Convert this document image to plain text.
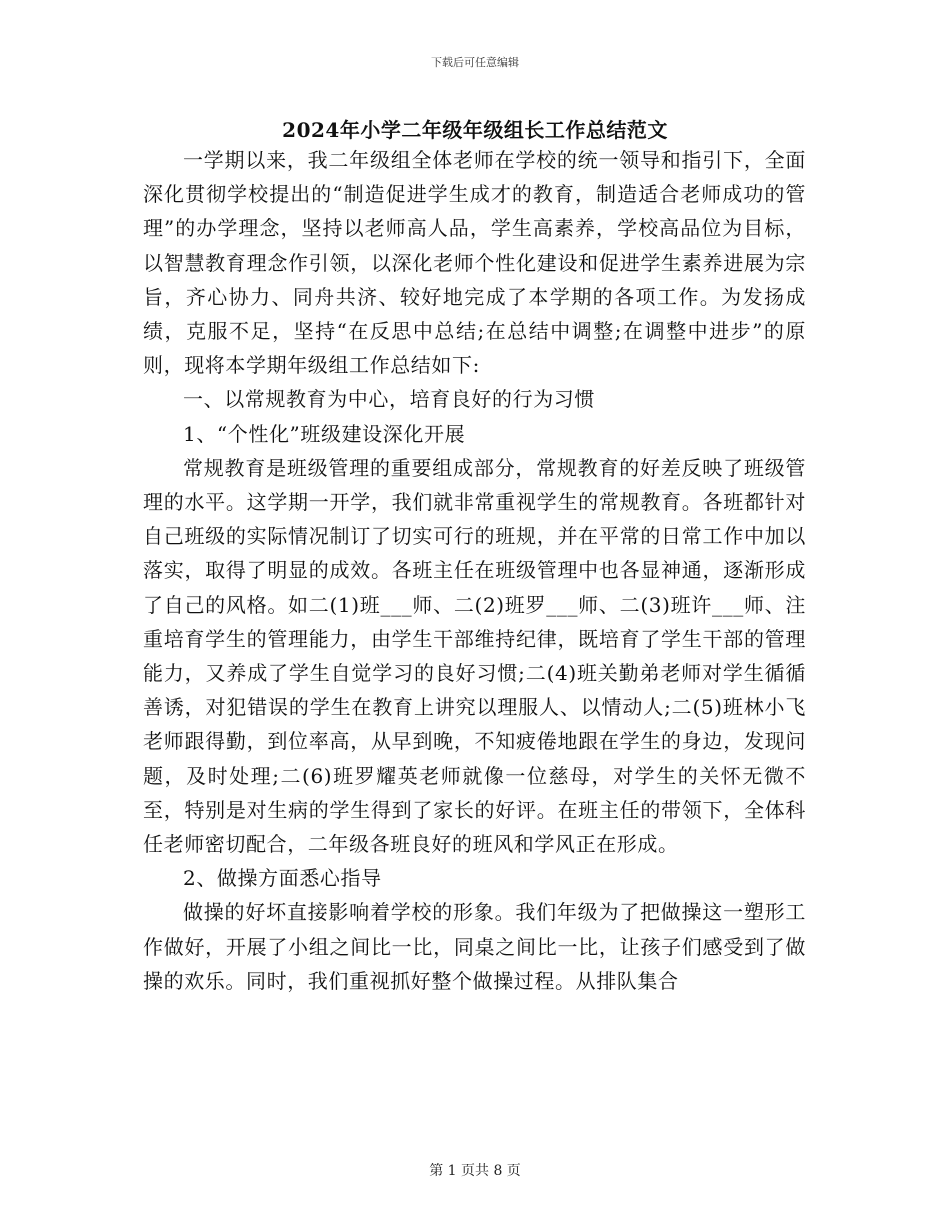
下载后可任意编辑
2024年小学二年级年级组长工作总结范文

一学期以来，我二年级组全体老师在学校的统一领导和指引下，全面深化贯彻学校提出的“制造促进学生成才的教育，制造适合老师成功的管理”的办学理念，坚持以老师高人品，学生高素养，学校高品位为目标，以智慧教育理念作引领，以深化老师个性化建设和促进学生素养进展为宗旨，齐心协力、同舟共济、较好地完成了本学期的各项工作。为发扬成绩，克服不足，坚持“在反思中总结;在总结中调整;在调整中进步”的原则，现将本学期年级组工作总结如下:

一、以常规教育为中心，培育良好的行为习惯

1、“个性化”班级建设深化开展

常规教育是班级管理的重要组成部分，常规教育的好差反映了班级管理的水平。这学期一开学，我们就非常重视学生的常规教育。各班都针对自己班级的实际情况制订了切实可行的班规，并在平常的日常工作中加以落实，取得了明显的成效。各班主任在班级管理中也各显神通，逐渐形成了自己的风格。如二(1)班___师、二(2)班罗___师、二(3)班许___师、注重培育学生的管理能力，由学生干部维持纪律，既培育了学生干部的管理能力，又养成了学生自觉学习的良好习惯;二(4)班关勤弟老师对学生循循善诱，对犯错误的学生在教育上讲究以理服人、以情动人;二(5)班林小飞老师跟得勤，到位率高，从早到晚，不知疲倦地跟在学生的身边，发现问题，及时处理;二(6)班罗耀英老师就像一位慈母，对学生的关怀无微不至，特别是对生病的学生得到了家长的好评。在班主任的带领下，全体科任老师密切配合，二年级各班良好的班风和学风正在形成。

2、做操方面悉心指导

做操的好坏直接影响着学校的形象。我们年级为了把做操这一塑形工作做好，开展了小组之间比一比，同桌之间比一比，让孩子们感受到了做操的欢乐。同时，我们重视抓好整个做操过程。从排队集合

第 1 页共 8 页
